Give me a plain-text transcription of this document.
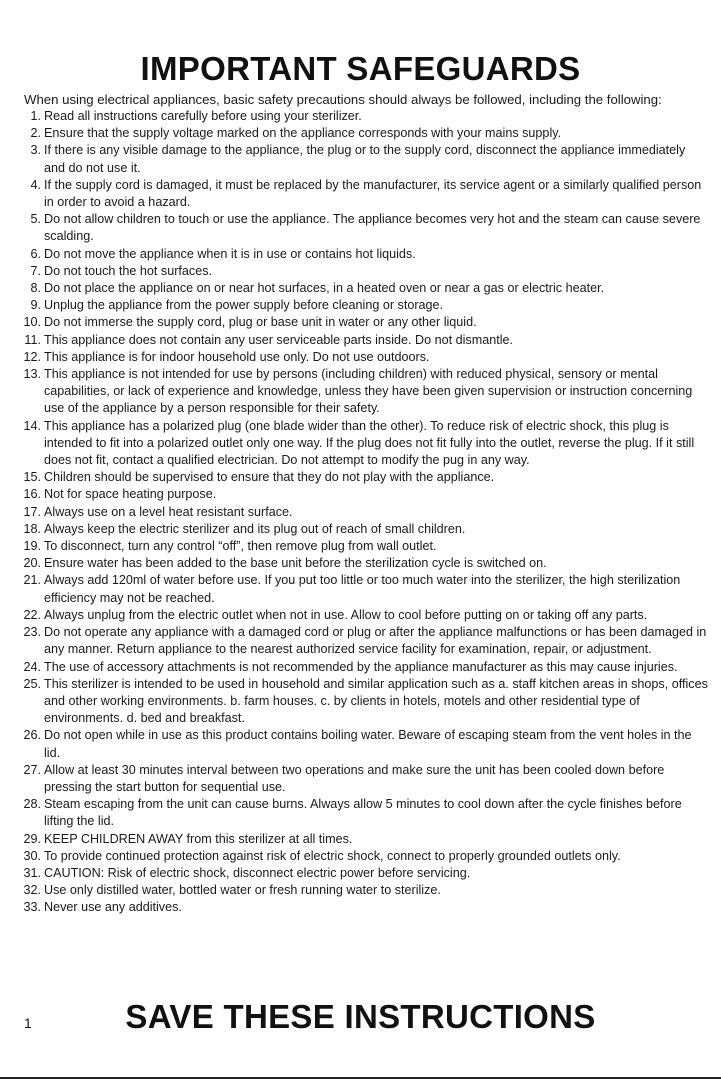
IMPORTANT SAFEGUARDS
When using electrical appliances, basic safety precautions should always be followed, including the following:
1. Read all instructions carefully before using your sterilizer.
2. Ensure that the supply voltage marked on the appliance corresponds with your mains supply.
3. If there is any visible damage to the appliance, the plug or to the supply cord, disconnect the appliance immediately and do not use it.
4. If the supply cord is damaged, it must be replaced by the manufacturer, its service agent or a similarly qualified person in order to avoid a hazard.
5. Do not allow children to touch or use the appliance. The appliance becomes very hot and the steam can cause severe scalding.
6. Do not move the appliance when it is in use or contains hot liquids.
7. Do not touch the hot surfaces.
8. Do not place the appliance on or near hot surfaces, in a heated oven or near a gas or electric heater.
9. Unplug the appliance from the power supply before cleaning or storage.
10. Do not immerse the supply cord, plug or base unit in water or any other liquid.
11. This appliance does not contain any user serviceable parts inside. Do not dismantle.
12. This appliance is for indoor household use only. Do not use outdoors.
13. This appliance is not intended for use by persons (including children) with reduced physical, sensory or mental capabilities, or lack of experience and knowledge, unless they have been given supervision or instruction concerning use of the appliance by a person responsible for their safety.
14. This appliance has a polarized plug (one blade wider than the other). To reduce risk of electric shock, this plug is intended to fit into a polarized outlet only one way. If the plug does not fit fully into the outlet, reverse the plug. If it still does not fit, contact a qualified electrician. Do not attempt to modify the pug in any way.
15. Children should be supervised to ensure that they do not play with the appliance.
16. Not for space heating purpose.
17. Always use on a level heat resistant surface.
18. Always keep the electric sterilizer and its plug out of reach of small children.
19. To disconnect, turn any control “off”, then remove plug from wall outlet.
20. Ensure water has been added to the base unit before the sterilization cycle is switched on.
21. Always add 120ml of water before use. If you put too little or too much water into the sterilizer, the high sterilization efficiency may not be reached.
22. Always unplug from the electric outlet when not in use. Allow to cool before putting on or taking off any parts.
23. Do not operate any appliance with a damaged cord or plug or after the appliance malfunctions or has been damaged in any manner. Return appliance to the nearest authorized service facility for examination, repair, or adjustment.
24. The use of accessory attachments is not recommended by the appliance manufacturer as this may cause injuries.
25. This sterilizer is intended to be used in household and similar application such as a. staff kitchen areas in shops, offices and other working environments. b. farm houses. c. by clients in hotels, motels and other residential type of environments. d. bed and breakfast.
26. Do not open while in use as this product contains boiling water. Beware of escaping steam from the vent holes in the lid.
27. Allow at least 30 minutes interval between two operations and make sure the unit has been cooled down before pressing the start button for sequential use.
28. Steam escaping from the unit can cause burns. Always allow 5 minutes to cool down after the cycle finishes before lifting the lid.
29. KEEP CHILDREN AWAY from this sterilizer at all times.
30. To provide continued protection against risk of electric shock, connect to properly grounded outlets only.
31. CAUTION: Risk of electric shock, disconnect electric power before servicing.
32. Use only distilled water, bottled water or fresh running water to sterilize.
33. Never use any additives.
1	SAVE THESE INSTRUCTIONS
